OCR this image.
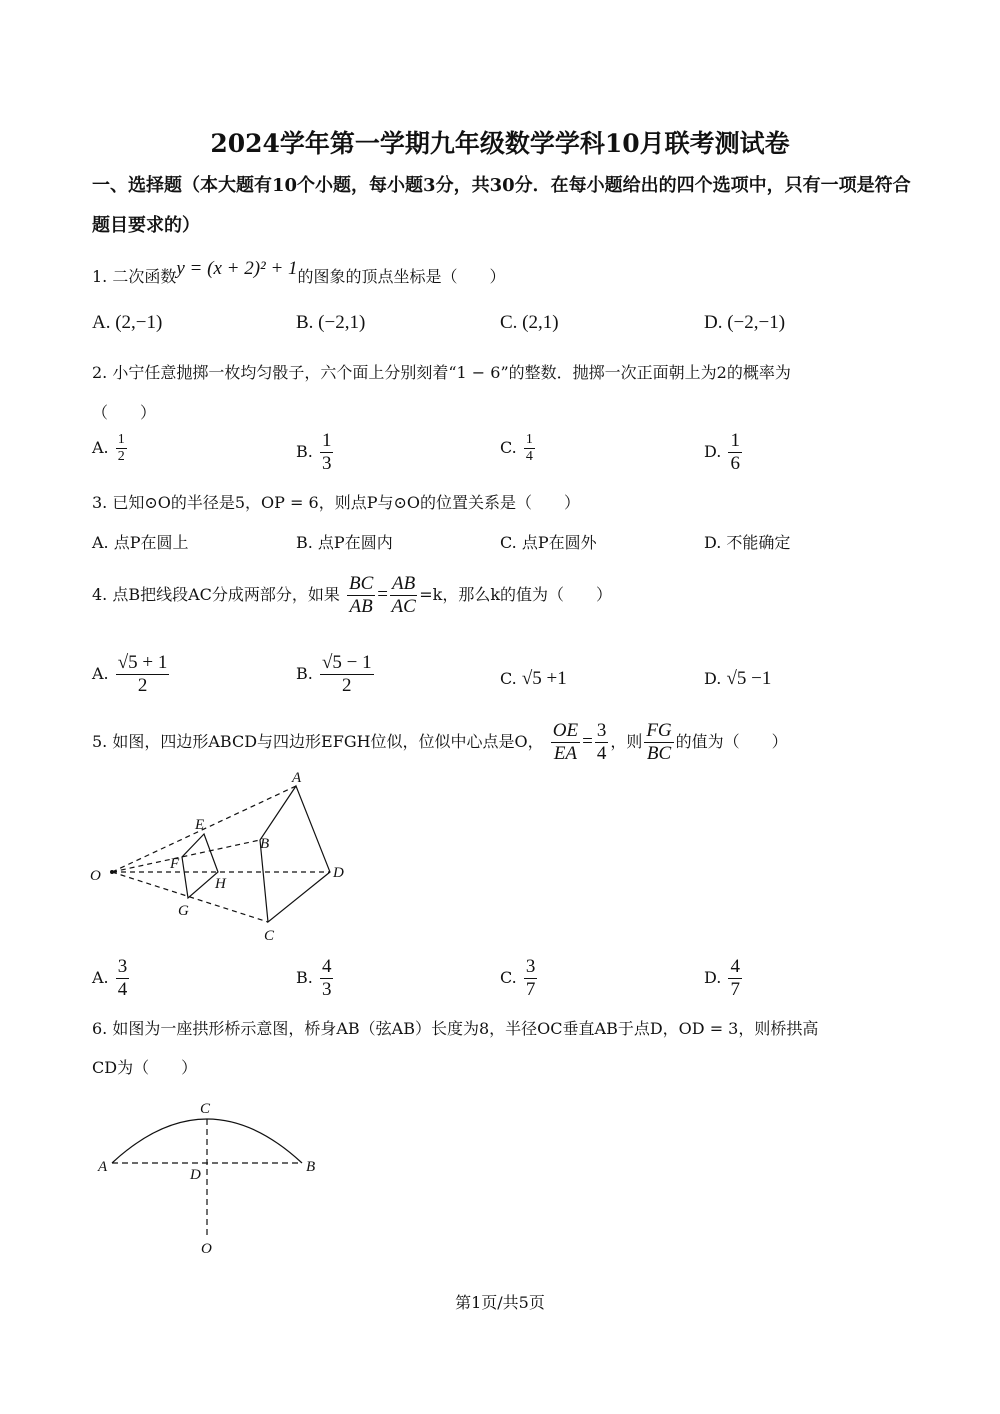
2024学年第一学期九年级数学学科10月联考测试卷
一、选择题（本大题有10个小题，每小题3分，共30分．在每小题给出的四个选项中，只有一项是符合题目要求的）
1. 二次函数y = (x + 2)² + 1的图象的顶点坐标是（　　）
A. (2,−1)	B. (−2,1)	C. (2,1)	D. (−2,−1)
2. 小宁任意抛掷一枚均匀骰子，六个面上分别刻着“1 − 6”的整数．抛掷一次正面朝上为2的概率为
（　　）
A. $\frac{1}{2}$	B. $\frac{1}{3}$	C. $\frac{1}{4}$	D. $\frac{1}{6}$
3. 已知⊙O的半径是5，OP = 6，则点P与⊙O的位置关系是（　　）
A. 点P在圆上	B. 点P在圆内	C. 点P在圆外	D. 不能确定
4. 点B把线段AC分成两部分，如果 $\frac{BC}{AB} = \frac{AB}{AC} =k$，那么k的值为（　　）
A. $\frac{√5 + 1}{2}$	B. $\frac{√5 - 1}{2}$	C. √5 +1	D. √5 −1
5. 如图，四边形ABCD与四边形EFGH位似，位似中心点是O， $\frac{OE}{EA} = \frac{3}{4}$ ，则 $\frac{FG}{BC}$ 的值为（　　）
A
B
C
D
E
F
G
H
O
A. $\frac{3}{4}$	B. $\frac{4}{3}$	C. $\frac{3}{7}$	D. $\frac{4}{7}$
6. 如图为一座拱形桥示意图，桥身AB（弦AB）长度为8，半径OC垂直AB于点D，OD = 3，则桥拱高
CD为（　　）
A	B
C
D
O
第1页/共5页
